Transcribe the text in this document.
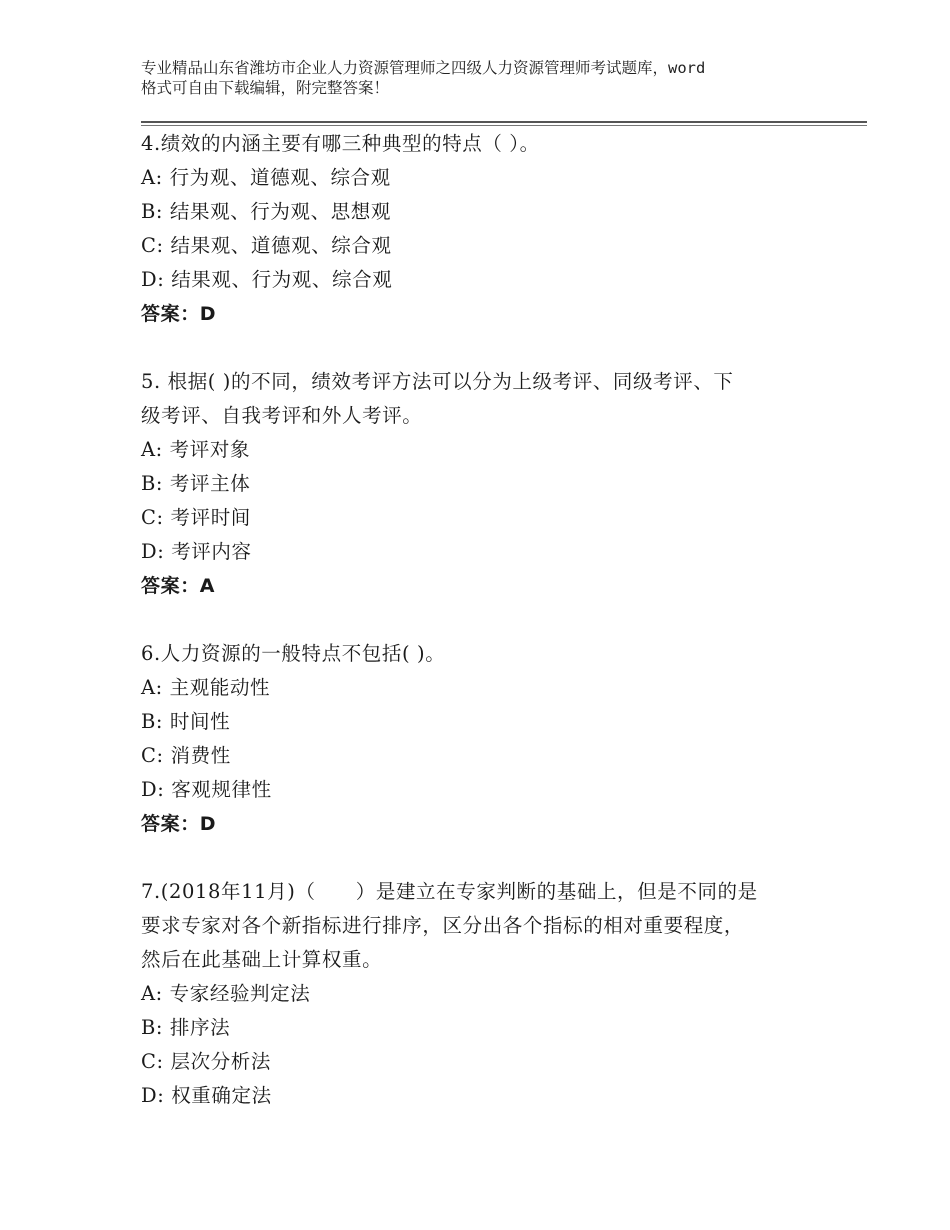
专业精品山东省潍坊市企业人力资源管理师之四级人力资源管理师考试题库，word
格式可自由下载编辑，附完整答案！
4.绩效的内涵主要有哪三种典型的特点（ ）。
A: 行为观、道德观、综合观
B: 结果观、行为观、思想观
C: 结果观、道德观、综合观
D: 结果观、行为观、综合观
答案：D
5. 根据( )的不同，绩效考评方法可以分为上级考评、同级考评、下
级考评、自我考评和外人考评。
A: 考评对象
B: 考评主体
C: 考评时间
D: 考评内容
答案：A
6.人力资源的一般特点不包括( )。
A: 主观能动性
B: 时间性
C: 消费性
D: 客观规律性
答案：D
7.(2018年11月)（　　）是建立在专家判断的基础上，但是不同的是
要求专家对各个新指标进行排序，区分出各个指标的相对重要程度，
然后在此基础上计算权重。
A: 专家经验判定法
B: 排序法
C: 层次分析法
D: 权重确定法
